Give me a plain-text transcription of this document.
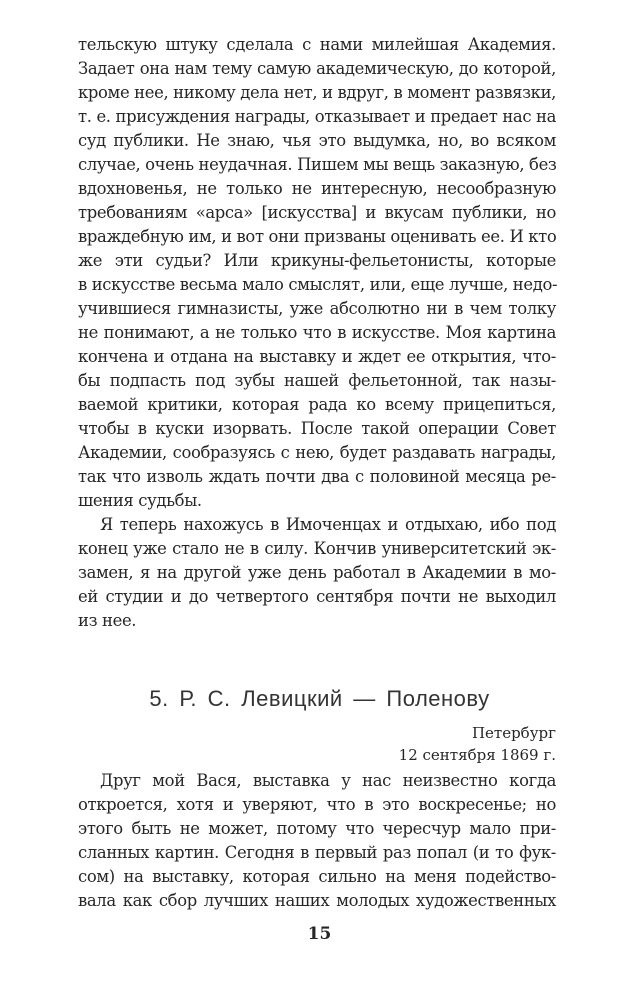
тельскую штуку сделала с нами милейшая Академия.
Задает она нам тему самую академическую, до которой,
кроме нее, никому дела нет, и вдруг, в момент развязки,
т. е. присуждения награды, отказывает и предает нас на
суд публики. Не знаю, чья это выдумка, но, во всяком
случае, очень неудачная. Пишем мы вещь заказную, без
вдохновенья, не только не интересную, несообразную
требованиям «арса» [искусства] и вкусам публики, но
враждебную им, и вот они призваны оценивать ее. И кто
же эти судьи? Или крикуны-фельетонисты, которые
в искусстве весьма мало смыслят, или, еще лучше, недо-
учившиеся гимназисты, уже абсолютно ни в чем толку
не понимают, а не только что в искусстве. Моя картина
кончена и отдана на выставку и ждет ее открытия, что-
бы подпасть под зубы нашей фельетонной, так назы-
ваемой критики, которая рада ко всему прицепиться,
чтобы в куски изорвать. После такой операции Совет
Академии, сообразуясь с нею, будет раздавать награды,
так что изволь ждать почти два с половиной месяца ре-
шения судьбы.
Я теперь нахожусь в Имоченцах и отдыхаю, ибо под
конец уже стало не в силу. Кончив университетский эк-
замен, я на другой уже день работал в Академии в мо-
ей студии и до четвертого сентября почти не выходил
из нее.
5. Р. С. Левицкий — Поленову
Петербург
12 сентября 1869 г.
Друг мой Вася, выставка у нас неизвестно когда
откроется, хотя и уверяют, что в это воскресенье; но
этого быть не может, потому что чересчур мало при-
сланных картин. Сегодня в первый раз попал (и то фук-
сом) на выставку, которая сильно на меня подейство-
вала как сбор лучших наших молодых художественных
15
